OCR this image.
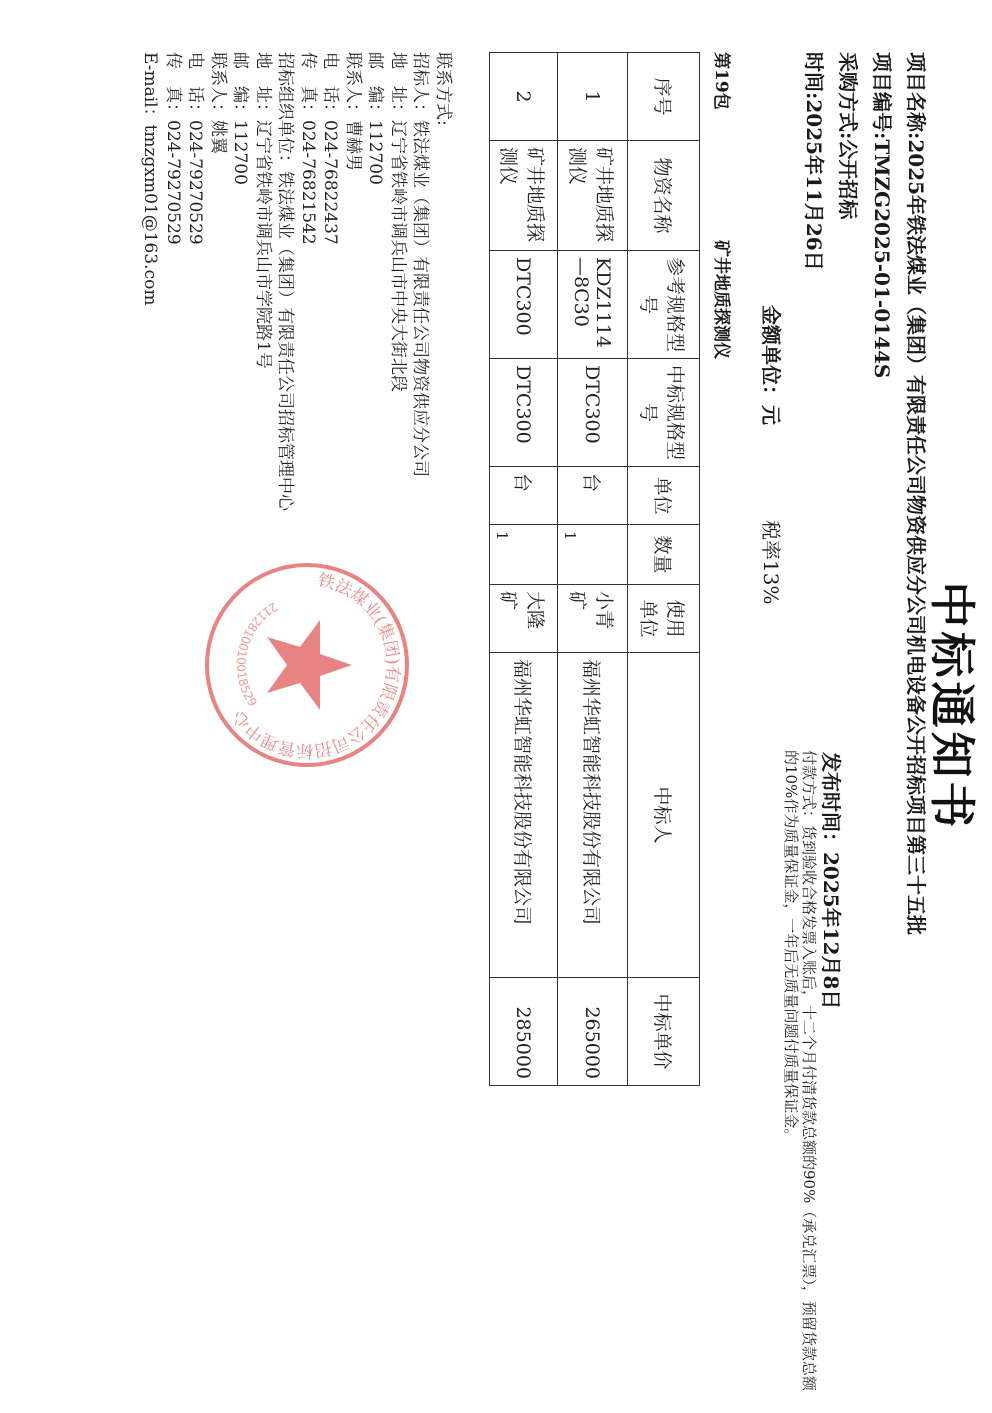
中标通知书
项目名称:2025年铁法煤业（集团）有限责任公司物资供应分公司机电设备公开招标项目第三十五批
项目编号:TMZG2025-01-0144S
采购方式:公开招标
时间:2025年11月26日
金额单位：元
税率13%
发布时间：2025年12月8日
付款方式：货到验收合格发票入账后，十二个月付清货款总额的90%（承兑汇票），预留货款总额的10%作为质量保证金，一年后无质量问题付质量保证金。
第19包
矿井地质探测仪
序号	物资名称	参考规格型号	中标规格型号	单位	数量	使用单位	中标人	中标单价
1	矿井地质探测仪	KDZ1114—8C30	DTC300	台	1	小青矿	福州华虹智能科技股份有限公司	265000
2	矿井地质探测仪	DTC300	DTC300	台	1	大隆矿	福州华虹智能科技股份有限公司	285000
联系方式:
招标人：铁法煤业（集团）有限责任公司物资供应分公司
地　址：辽宁省铁岭市调兵山市中央大街北段
邮　编：112700
联系人：曹赫男
电　话：024-76822437
传　真：024-76821542
招标组织单位：铁法煤业（集团）有限责任公司招标管理中心
地　址：辽宁省铁岭市调兵山市学院路1号
邮　编：112700
联系人：姚翼
电　话：024-79270529
传　真：024-79270529
E-mail：tmzgxm01@163.com
铁法煤业(集团)有限责任公司招标管理中心
2112810010018529
